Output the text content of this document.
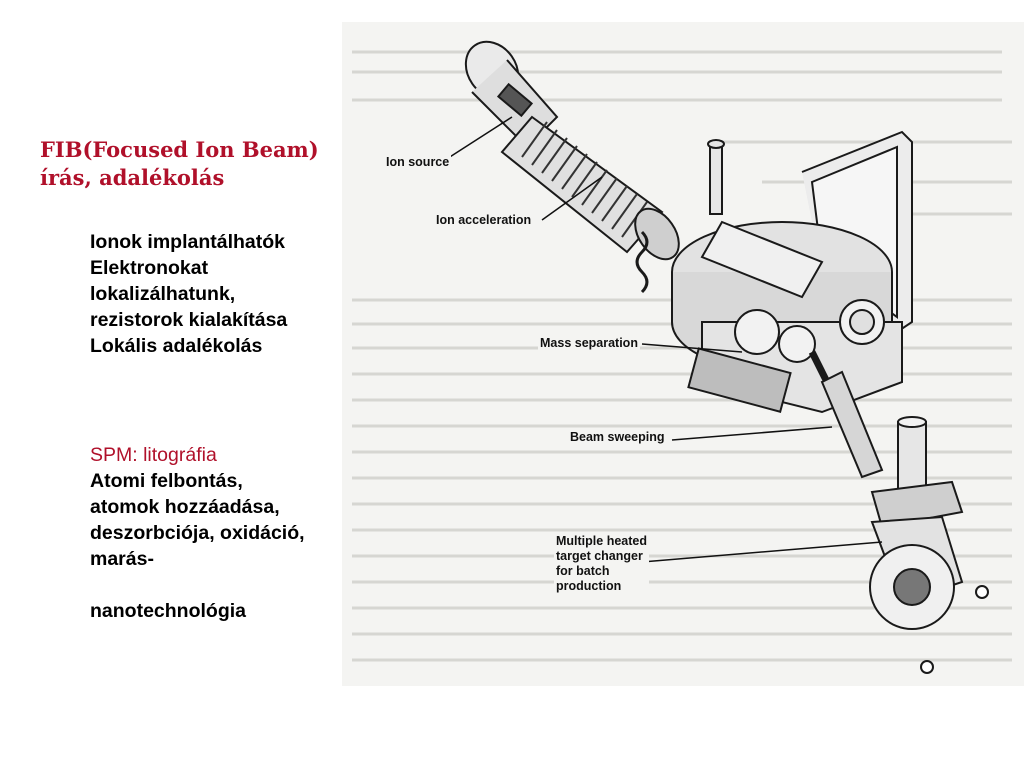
FIB(Focused Ion Beam)
írás, adalékolás
Ionok implantálhatók
Elektronokat
lokalizálhatunk,
rezistorok kialakítása
Lokális adalékolás
SPM: litográfia
Atomi felbontás,
atomok hozzáadása,
deszorbciója, oxidáció,
marás-
nanotechnológia
Ion source
Ion acceleration
Mass separation
Beam sweeping
Multiple heated
target changer
for batch
production
